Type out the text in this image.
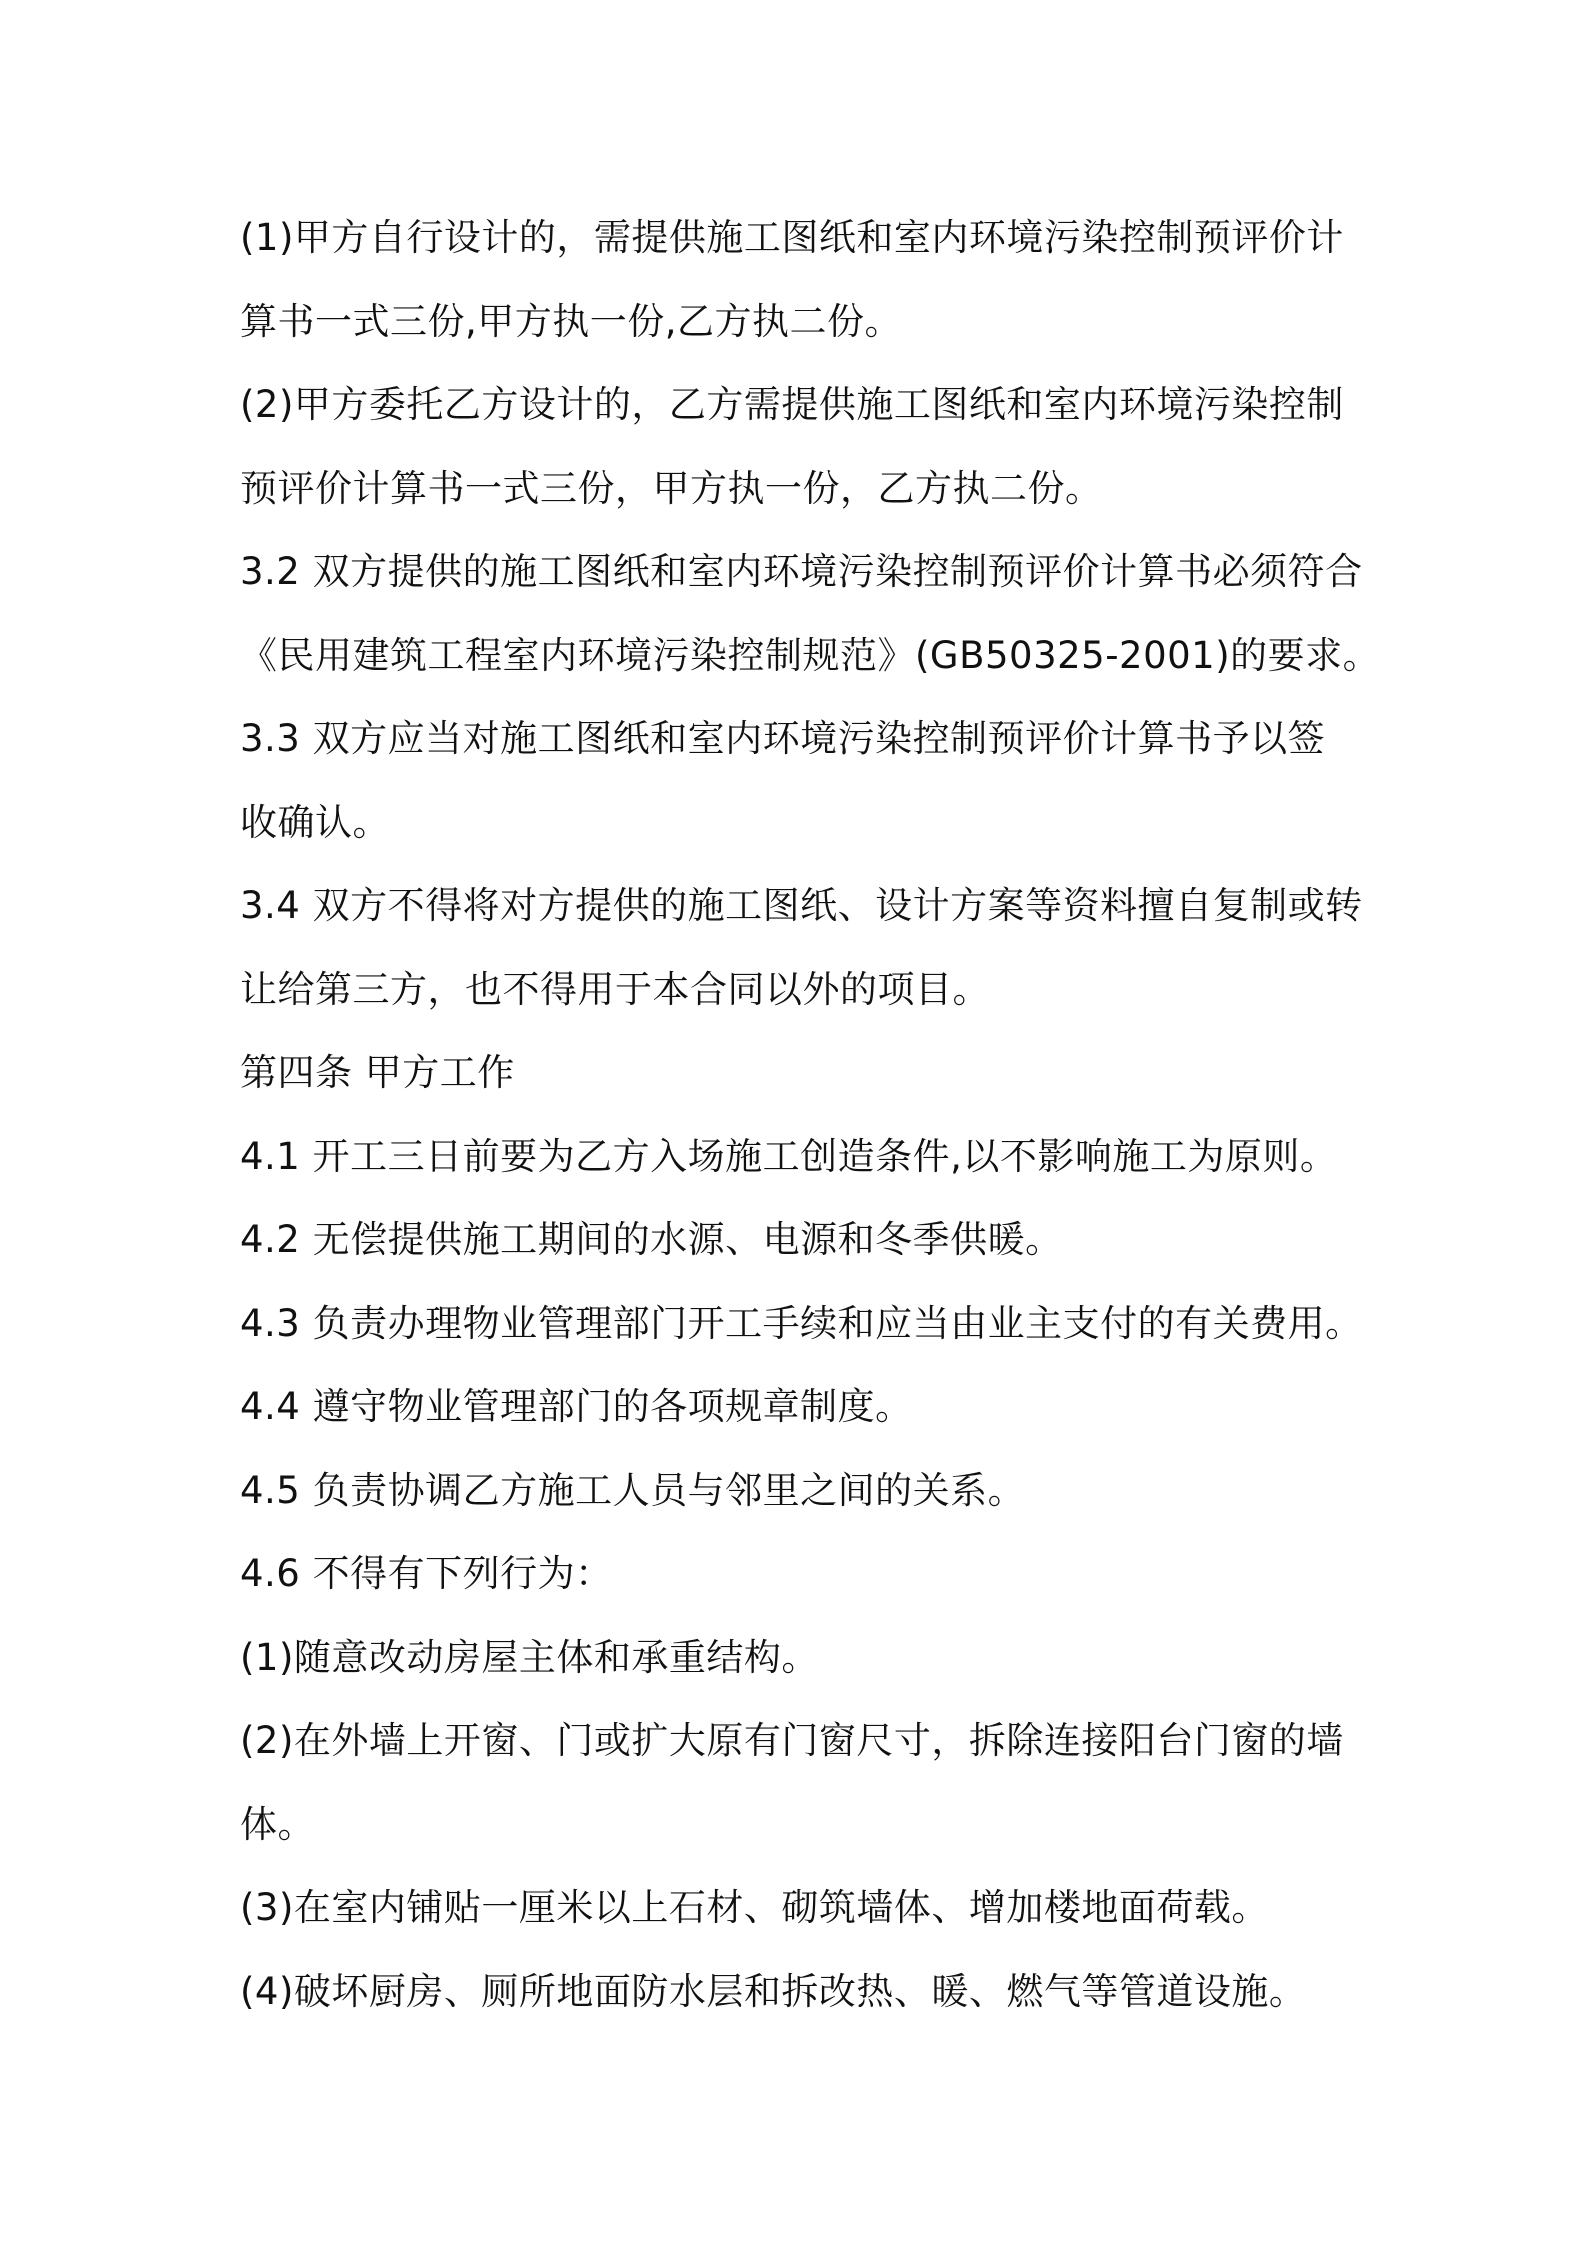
(1)甲方自行设计的，需提供施工图纸和室内环境污染控制预评价计
算书一式三份,甲方执一份,乙方执二份。
(2)甲方委托乙方设计的，乙方需提供施工图纸和室内环境污染控制
预评价计算书一式三份，甲方执一份，乙方执二份。
3.2 双方提供的施工图纸和室内环境污染控制预评价计算书必须符合
《民用建筑工程室内环境污染控制规范》(GB50325-2001)的要求。
3.3 双方应当对施工图纸和室内环境污染控制预评价计算书予以签
收确认。
3.4 双方不得将对方提供的施工图纸、设计方案等资料擅自复制或转
让给第三方，也不得用于本合同以外的项目。
第四条 甲方工作
4.1 开工三日前要为乙方入场施工创造条件,以不影响施工为原则。
4.2 无偿提供施工期间的水源、电源和冬季供暖。
4.3 负责办理物业管理部门开工手续和应当由业主支付的有关费用。
4.4 遵守物业管理部门的各项规章制度。
4.5 负责协调乙方施工人员与邻里之间的关系。
4.6 不得有下列行为：
(1)随意改动房屋主体和承重结构。
(2)在外墙上开窗、门或扩大原有门窗尺寸，拆除连接阳台门窗的墙
体。
(3)在室内铺贴一厘米以上石材、砌筑墙体、增加楼地面荷载。
(4)破坏厨房、厕所地面防水层和拆改热、暖、燃气等管道设施。
